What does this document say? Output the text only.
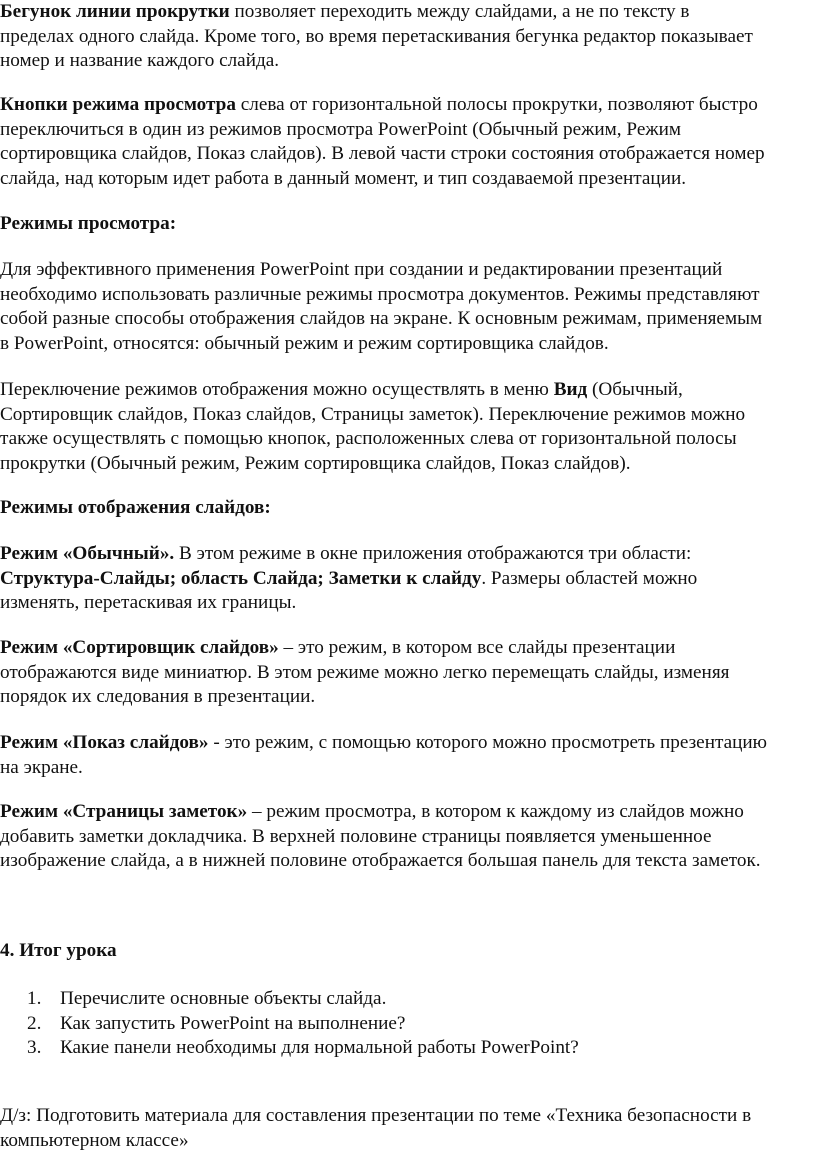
Бегунок линии прокрутки позволяет переходить между слайдами, а не по тексту в

пределах одного слайда. Кроме того, во время перетаскивания бегунка редактор показывает

номер и название каждого слайда.

Кнопки режима просмотра слева от горизонтальной полосы прокрутки, позволяют быстро

переключиться в один из режимов просмотра PowerPoint (Обычный режим, Режим

сортировщика слайдов, Показ слайдов). В левой части строки состояния отображается номер

слайда, над которым идет работа в данный момент, и тип создаваемой презентации.

Режимы просмотра:

Для эффективного применения PowerPoint при создании и редактировании презентаций

необходимо использовать различные режимы просмотра документов. Режимы представляют

собой разные способы отображения слайдов на экране. К основным режимам, применяемым

в PowerPoint, относятся: обычный режим и режим сортировщика слайдов.

Переключение режимов отображения можно осуществлять в меню Вид (Обычный,

Сортировщик слайдов, Показ слайдов, Страницы заметок). Переключение режимов можно

также осуществлять с помощью кнопок, расположенных слева от горизонтальной полосы

прокрутки (Обычный режим, Режим сортировщика слайдов, Показ слайдов).

Режимы отображения слайдов:

Режим «Обычный». В этом режиме в окне приложения отображаются три области:

Структура-Слайды; область Слайда; Заметки к слайду. Размеры областей можно

изменять, перетаскивая их границы.

Режим «Сортировщик слайдов» – это режим, в котором все слайды презентации

отображаются виде миниатюр. В этом режиме можно легко перемещать слайды, изменяя

порядок их следования в презентации.

Режим «Показ слайдов» - это режим, с помощью которого можно просмотреть презентацию

на экране.

Режим «Страницы заметок» – режим просмотра, в котором к каждому из слайдов можно

добавить заметки докладчика. В верхней половине страницы появляется уменьшенное

изображение слайда, а в нижней половине отображается большая панель для текста заметок.

4. Итог урока

1. Перечислите основные объекты слайда.
2. Как запустить PowerPoint на выполнение?
3. Какие панели необходимы для нормальной работы PowerPoint?

Д/з: Подготовить материала для составления презентации по теме «Техника безопасности в

компьютерном классе»
